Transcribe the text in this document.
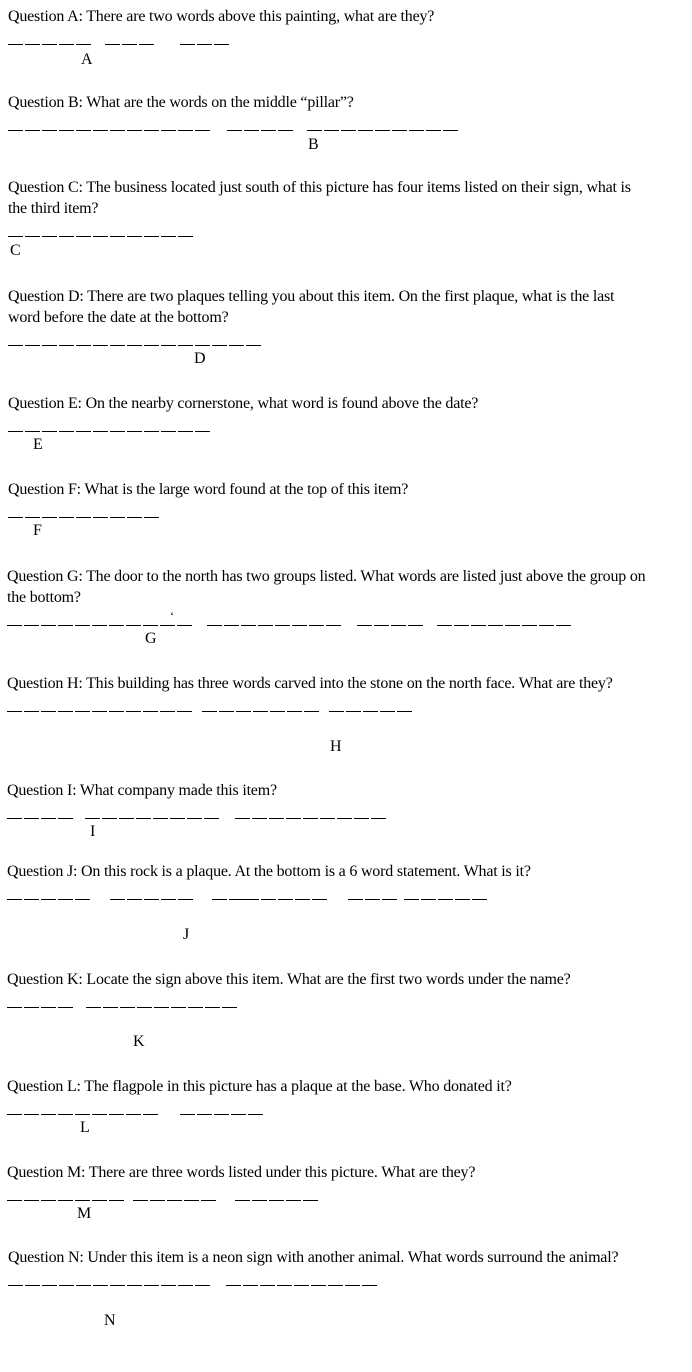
Question A: There are two words above this painting, what are they?

A

Question B: What are the words on the middle “pillar”?

B

Question C: The business located just south of this picture has four items listed on their sign, what is the third item?

C

Question D: There are two plaques telling you about this item. On the first plaque, what is the last word before the date at the bottom?

D

Question E: On the nearby cornerstone, what word is found above the date?

E

Question F: What is the large word found at the top of this item?

F

Question G: The door to the north has two groups listed. What words are listed just above the group on the bottom?

‘
G

Question H: This building has three words carved into the stone on the north face. What are they?

H

Question I: What company made this item?

I

Question J: On this rock is a plaque. At the bottom is a 6 word statement. What is it?

J

Question K: Locate the sign above this item. What are the first two words under the name?

K

Question L: The flagpole in this picture has a plaque at the base. Who donated it?

L

Question M: There are three words listed under this picture. What are they?

M

Question N: Under this item is a neon sign with another animal. What words surround the animal?

N
